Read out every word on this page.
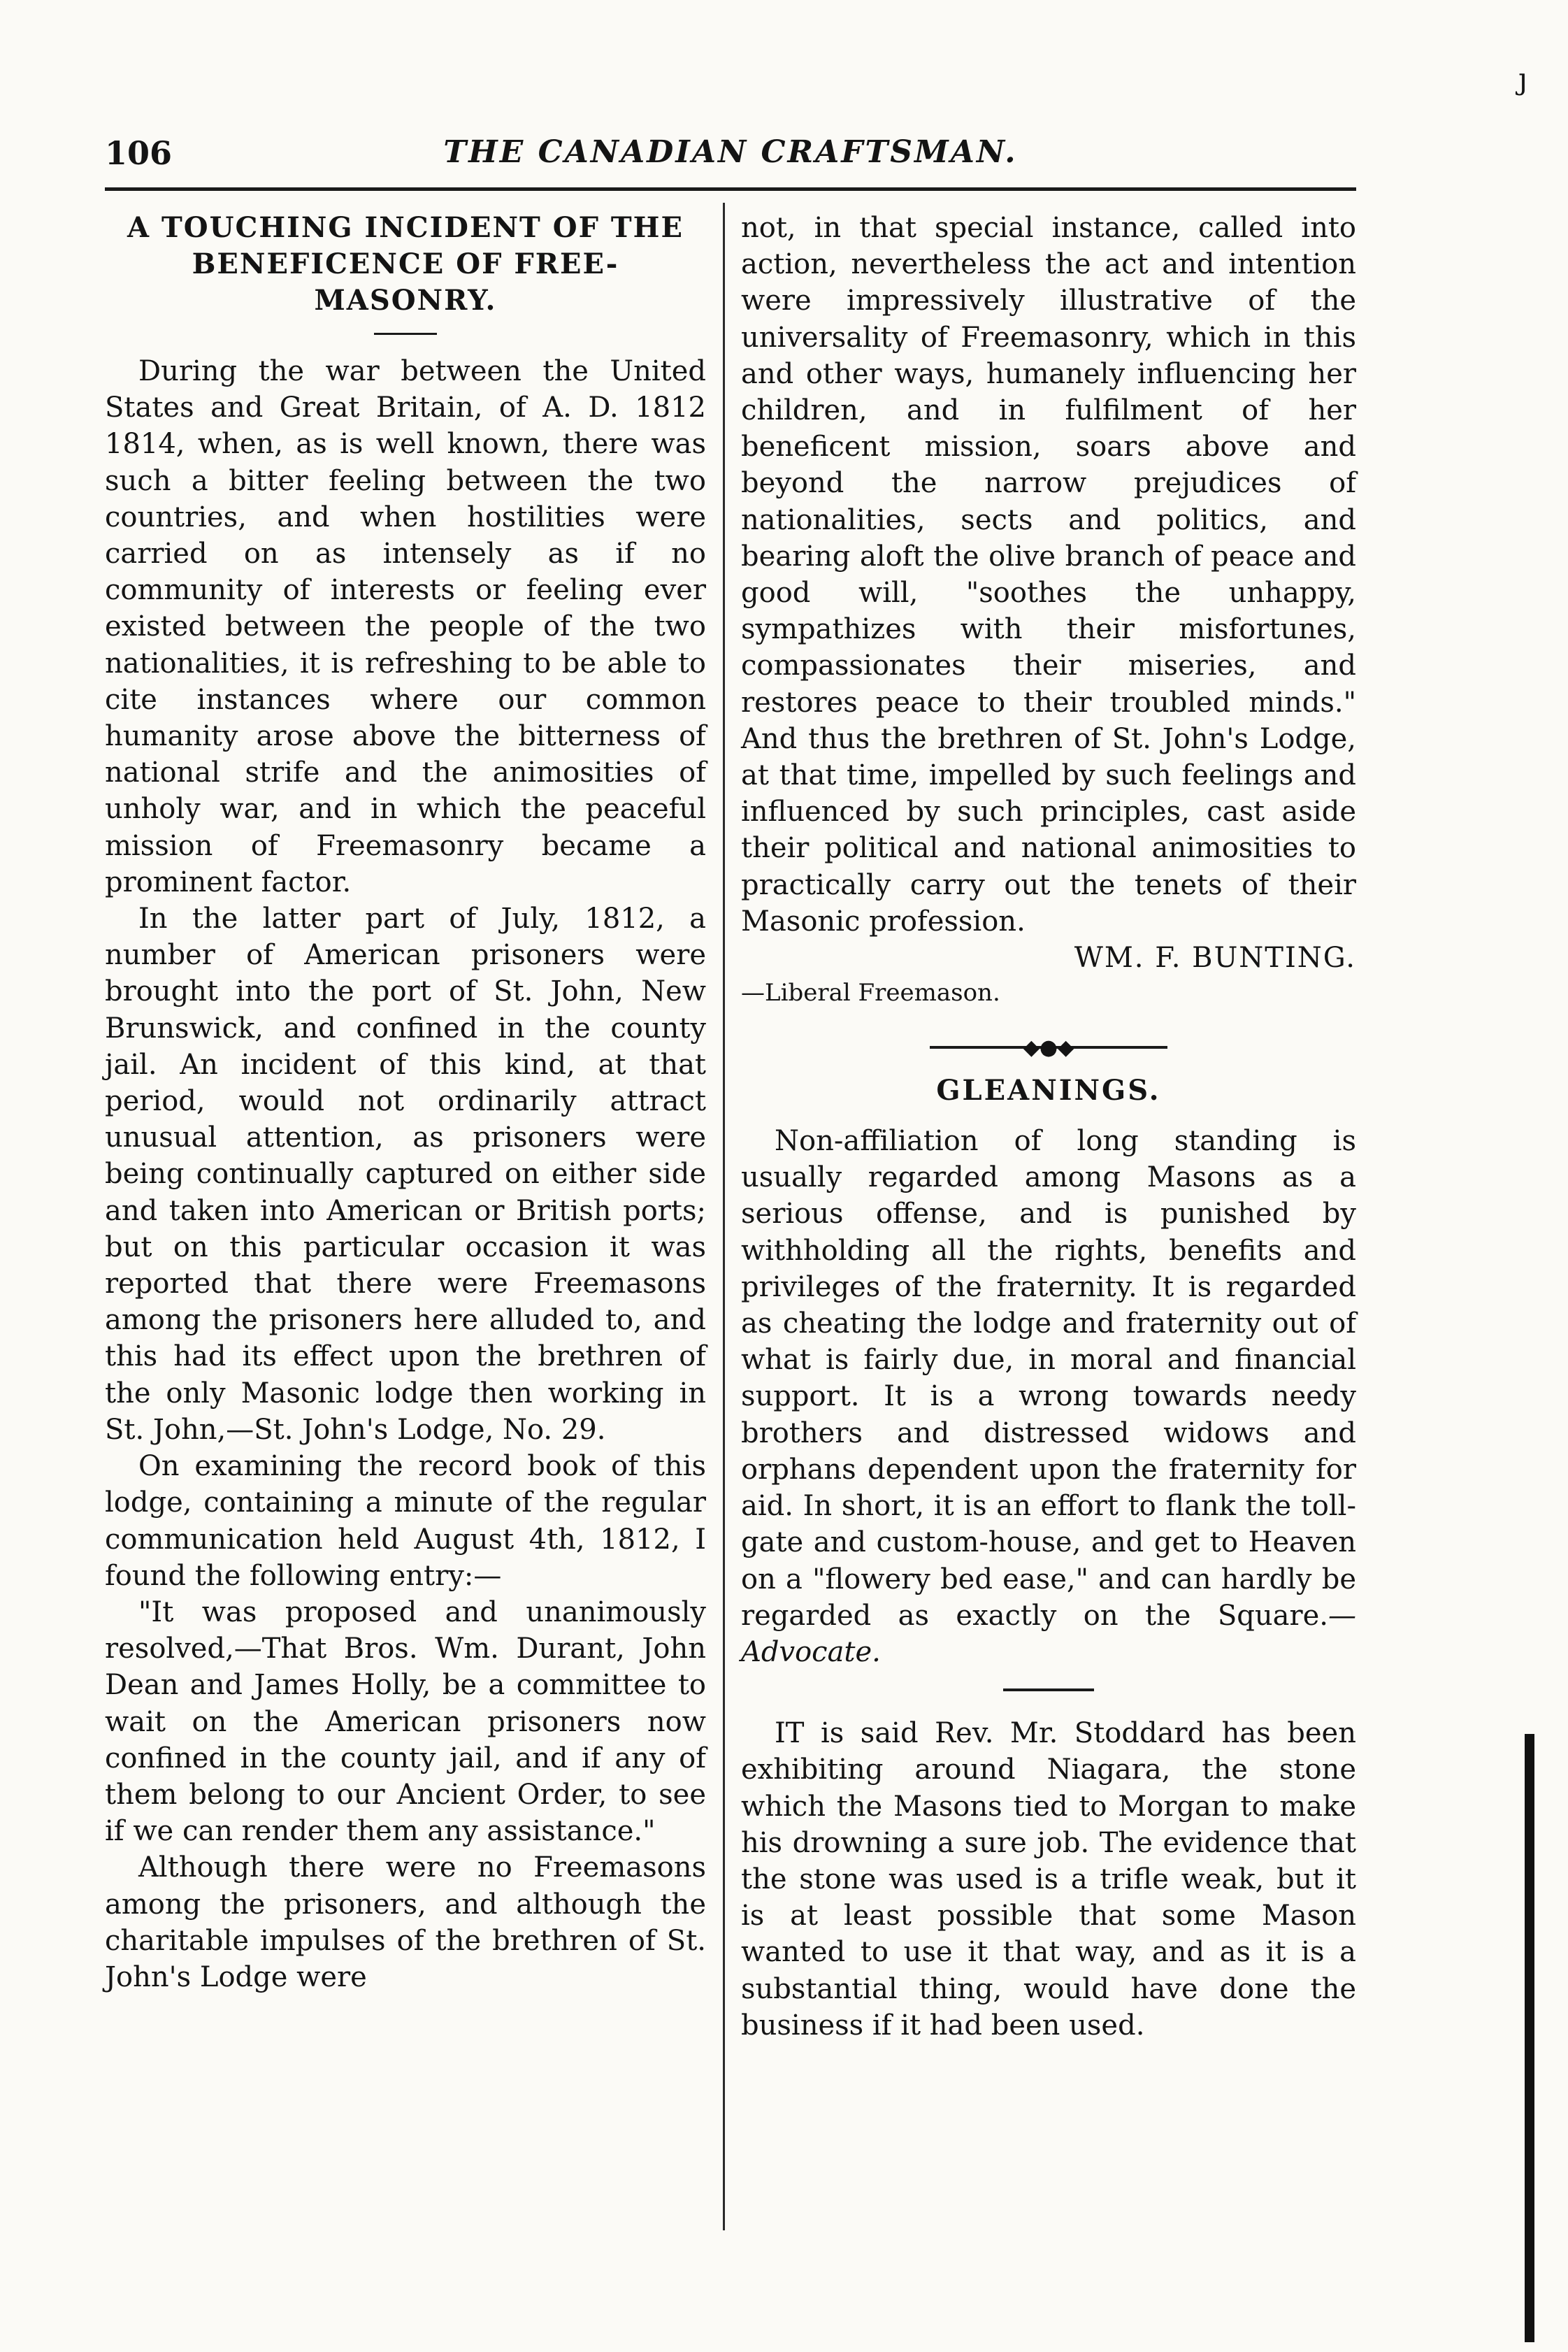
106	THE CANADIAN CRAFTSMAN.
ȷ
A TOUCHING INCIDENT OF THE BENEFICENCE OF FREE-MASONRY.

During the war between the United States and Great Britain, of A. D. 1812 1814, when, as is well known, there was such a bitter feeling between the two countries, and when hostilities were carried on as intensely as if no community of interests or feeling ever existed between the people of the two nationalities, it is refreshing to be able to cite instances where our common humanity arose above the bitterness of national strife and the animosities of unholy war, and in which the peaceful mission of Freemasonry became a prominent factor.

In the latter part of July, 1812, a number of American prisoners were brought into the port of St. John, New Brunswick, and confined in the county jail. An incident of this kind, at that period, would not ordinarily attract unusual attention, as prisoners were being continually captured on either side and taken into American or British ports; but on this particular occasion it was reported that there were Freemasons among the prisoners here alluded to, and this had its effect upon the brethren of the only Masonic lodge then working in St. John,—St. John's Lodge, No. 29.

On examining the record book of this lodge, containing a minute of the regular communication held August 4th, 1812, I found the following entry:—

"It was proposed and unanimously resolved,—That Bros. Wm. Durant, John Dean and James Holly, be a committee to wait on the American prisoners now confined in the county jail, and if any of them belong to our Ancient Order, to see if we can render them any assistance."

Although there were no Freemasons among the prisoners, and although the charitable impulses of the brethren of St. John's Lodge were

not, in that special instance, called into action, nevertheless the act and intention were impressively illustrative of the universality of Freemasonry, which in this and other ways, humanely influencing her children, and in fulfilment of her beneficent mission, soars above and beyond the narrow prejudices of nationalities, sects and politics, and bearing aloft the olive branch of peace and good will, "soothes the unhappy, sympathizes with their misfortunes, compassionates their miseries, and restores peace to their troubled minds." And thus the brethren of St. John's Lodge, at that time, impelled by such feelings and influenced by such principles, cast aside their political and national animosities to practically carry out the tenets of their Masonic profession.

WM. F. BUNTING.

—Liberal Freemason.

◆●◆
GLEANINGS.

Non-affiliation of long standing is usually regarded among Masons as a serious offense, and is punished by withholding all the rights, benefits and privileges of the fraternity. It is regarded as cheating the lodge and fraternity out of what is fairly due, in moral and financial support. It is a wrong towards needy brothers and distressed widows and orphans dependent upon the fraternity for aid. In short, it is an effort to flank the toll-gate and custom-house, and get to Heaven on a "flowery bed ease," and can hardly be regarded as exactly on the Square.—Advocate.

IT is said Rev. Mr. Stoddard has been exhibiting around Niagara, the stone which the Masons tied to Morgan to make his drowning a sure job. The evidence that the stone was used is a trifle weak, but it is at least possible that some Mason wanted to use it that way, and as it is a substantial thing, would have done the business if it had been used.
